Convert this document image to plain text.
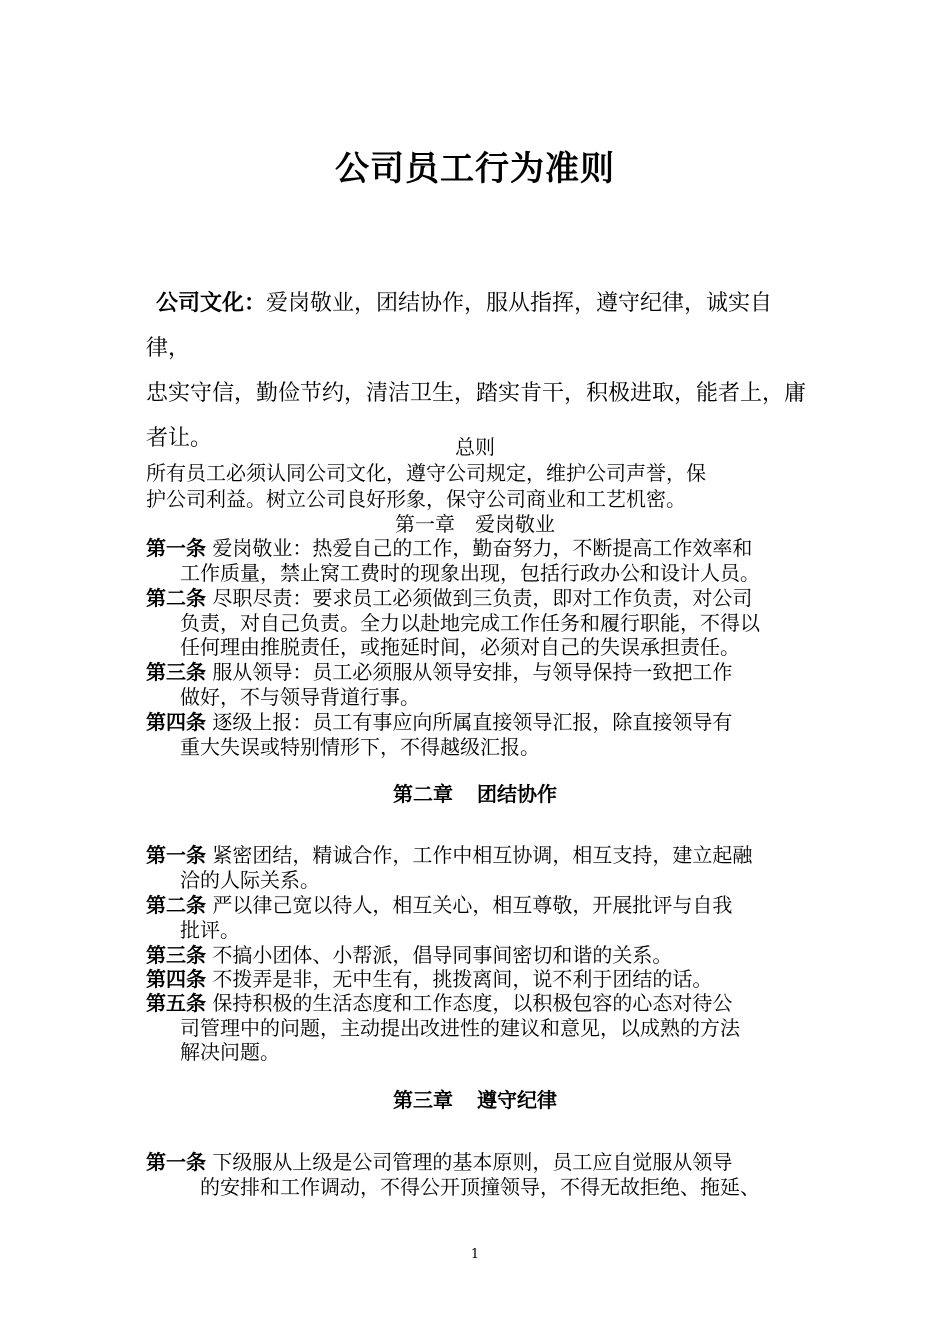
公司员工行为准则
公司文化：爱岗敬业，团结协作，服从指挥，遵守纪律，诚实自律，
忠实守信，勤俭节约，清洁卫生，踏实肯干，积极进取，能者上，庸
者让。	总则
所有员工必须认同公司文化，遵守公司规定，维护公司声誉，保
护公司利益。树立公司良好形象，保守公司商业和工艺机密。
第一章　爱岗敬业
第一条 爱岗敬业：热爱自己的工作，勤奋努力，不断提高工作效率和
工作质量，禁止窝工费时的现象出现，包括行政办公和设计人员。
第二条 尽职尽责：要求员工必须做到三负责，即对工作负责，对公司
负责，对自己负责。全力以赴地完成工作任务和履行职能，不得以
任何理由推脱责任，或拖延时间，必须对自己的失误承担责任。
第三条 服从领导：员工必须服从领导安排，与领导保持一致把工作
做好，不与领导背道行事。
第四条 逐级上报：员工有事应向所属直接领导汇报，除直接领导有
重大失误或特别情形下，不得越级汇报。
第二章 团结协作
第一条 紧密团结，精诚合作，工作中相互协调，相互支持，建立起融
洽的人际关系。
第二条 严以律己宽以待人，相互关心，相互尊敬，开展批评与自我
批评。
第三条 不搞小团体、小帮派，倡导同事间密切和谐的关系。
第四条 不拨弄是非，无中生有，挑拨离间，说不利于团结的话。
第五条 保持积极的生活态度和工作态度，以积极包容的心态对待公
司管理中的问题，主动提出改进性的建议和意见，以成熟的方法
解决问题。
第三章 遵守纪律
第一条 下级服从上级是公司管理的基本原则，员工应自觉服从领导
的安排和工作调动，不得公开顶撞领导，不得无故拒绝、拖延、
1
